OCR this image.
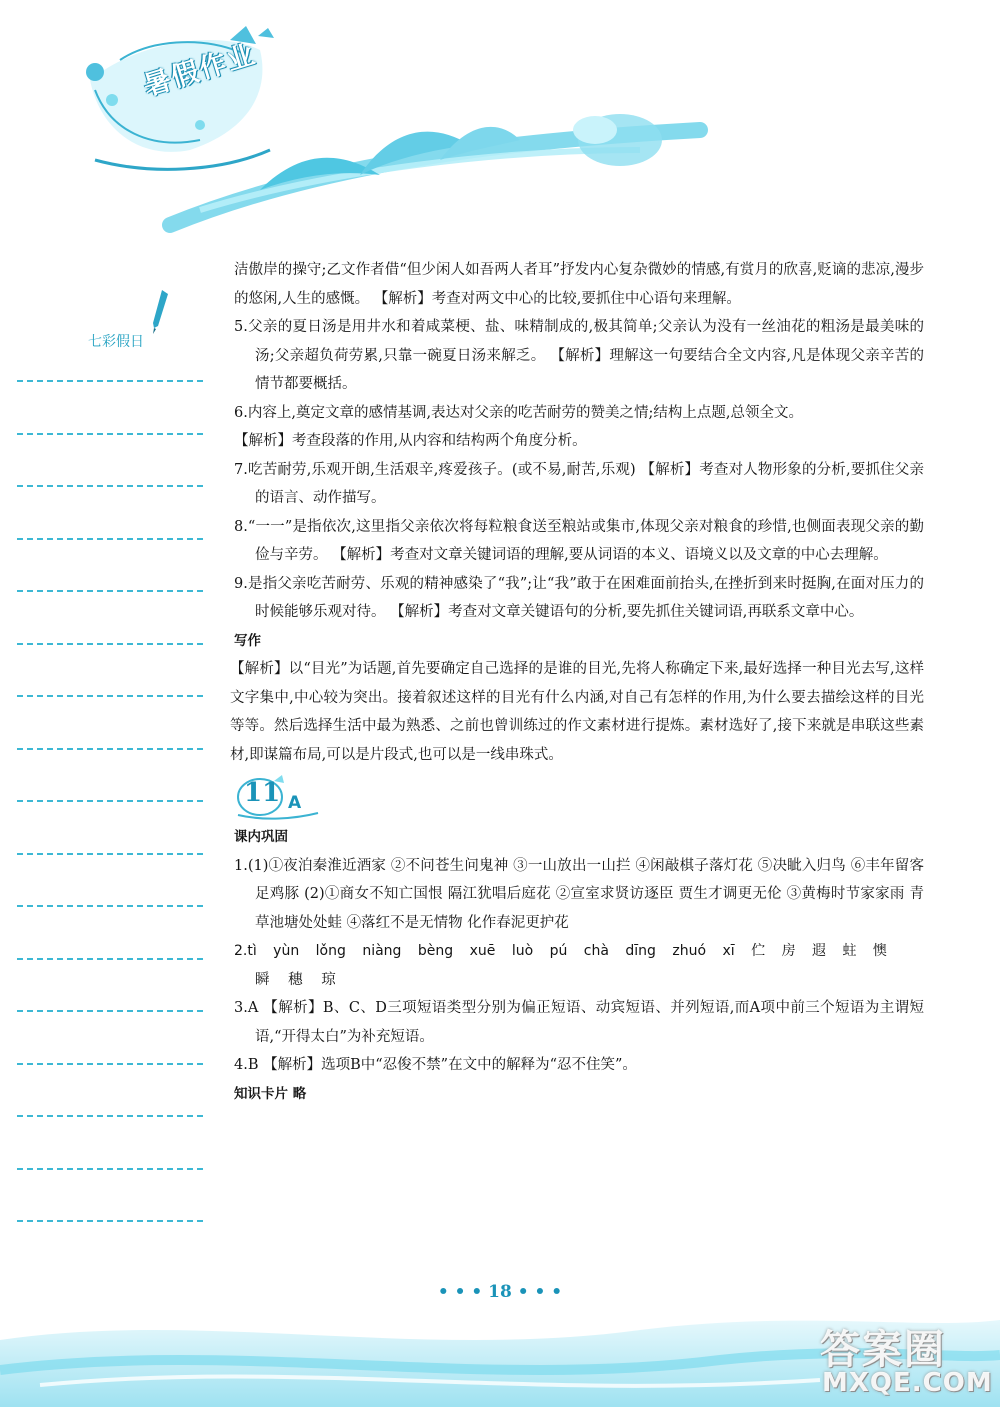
暑假作业
七彩假日

洁傲岸的操守;乙文作者借“但少闲人如吾两人者耳”抒发内心复杂微妙的情感,有赏月的欣喜,贬谪的悲凉,漫步的悠闲,人生的感慨。 【解析】考查对两文中心的比较,要抓住中心语句来理解。

5.父亲的夏日汤是用井水和着咸菜梗、盐、味精制成的,极其简单;父亲认为没有一丝油花的粗汤是最美味的汤;父亲超负荷劳累,只靠一碗夏日汤来解乏。 【解析】理解这一句要结合全文内容,凡是体现父亲辛苦的情节都要概括。

6.内容上,奠定文章的感情基调,表达对父亲的吃苦耐劳的赞美之情;结构上点题,总领全文。

【解析】考查段落的作用,从内容和结构两个角度分析。

7.吃苦耐劳,乐观开朗,生活艰辛,疼爱孩子。(或不易,耐苦,乐观) 【解析】考查对人物形象的分析,要抓住父亲的语言、动作描写。

8.“一一”是指依次,这里指父亲依次将每粒粮食送至粮站或集市,体现父亲对粮食的珍惜,也侧面表现父亲的勤俭与辛劳。 【解析】考查对文章关键词语的理解,要从词语的本义、语境义以及文章的中心去理解。

9.是指父亲吃苦耐劳、乐观的精神感染了“我”;让“我”敢于在困难面前抬头,在挫折到来时挺胸,在面对压力的时候能够乐观对待。 【解析】考查对文章关键语句的分析,要先抓住关键词语,再联系文章中心。

写作

【解析】以“目光”为话题,首先要确定自己选择的是谁的目光,先将人称确定下来,最好选择一种目光去写,这样文字集中,中心较为突出。接着叙述这样的目光有什么内涵,对自己有怎样的作用,为什么要去描绘这样的目光等等。然后选择生活中最为熟悉、之前也曾训练过的作文素材进行提炼。素材选好了,接下来就是串联这些素材,即谋篇布局,可以是片段式,也可以是一线串珠式。

11 A

课内巩固

1.(1)①夜泊秦淮近酒家 ②不问苍生问鬼神 ③一山放出一山拦 ④闲敲棋子落灯花 ⑤决眦入归鸟 ⑥丰年留客足鸡豚 (2)①商女不知亡国恨 隔江犹唱后庭花 ②宣室求贤访逐臣 贾生才调更无伦 ③黄梅时节家家雨 青草池塘处处蛙 ④落红不是无情物 化作春泥更护花

2.tì yùn lǒng niàng bèng xuē luò pú chà dīng zhuó xī 伫 房 遐 蛀 懊

瞬 穗 琼

3.A 【解析】B、C、D三项短语类型分别为偏正短语、动宾短语、并列短语,而A项中前三个短语为主谓短语,“开得太白”为补充短语。

4.B 【解析】选项B中“忍俊不禁”在文中的解释为“忍不住笑”。

知识卡片 略

• • • 18 • • •
答案圈
MXQE.COM
